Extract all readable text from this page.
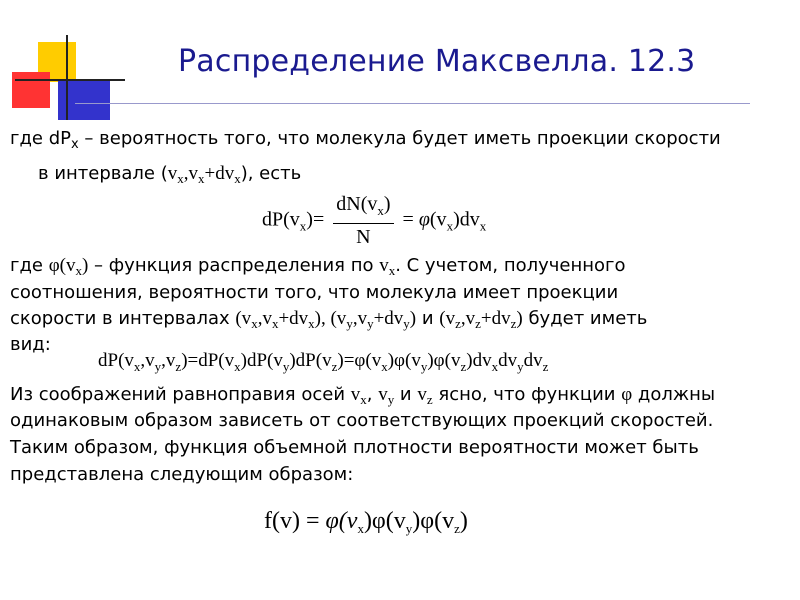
Распределение Максвелла. 12.3
где $dP_x$ – вероятность того, что молекула будет иметь проекции скорости
в интервале $(v_x,v_x+dv_x)$, есть
$dP(v_x)= \frac{dN(v_x)}{N} = \varphi(v_x)dv_x$
где $\varphi(v_x)$ – функция распределения по $v_x$. С учетом, полученного
соотношения, вероятности того, что молекула имеет проекции
скорости в интервалах $(v_x,v_x+dv_x)$, $(v_y,v_y+dv_y)$ и $(v_z,v_z+dv_z)$ будет иметь
вид:
$dP(v_x,v_y,v_z)=dP(v_x)dP(v_y)dP(v_z)=\varphi(v_x)\varphi(v_y)\varphi(v_z)dv_xdv_ydv_z$
Из соображений равноправия осей $v_x$, $v_y$ и $v_z$ ясно, что функции φ должны
одинаковым образом зависеть от соответствующих проекций скоростей.
Таким образом, функция объемной плотности вероятности может быть
представлена следующим образом:
$f(v) = \varphi(v_x)\varphi(v_y)\varphi(v_z)$
